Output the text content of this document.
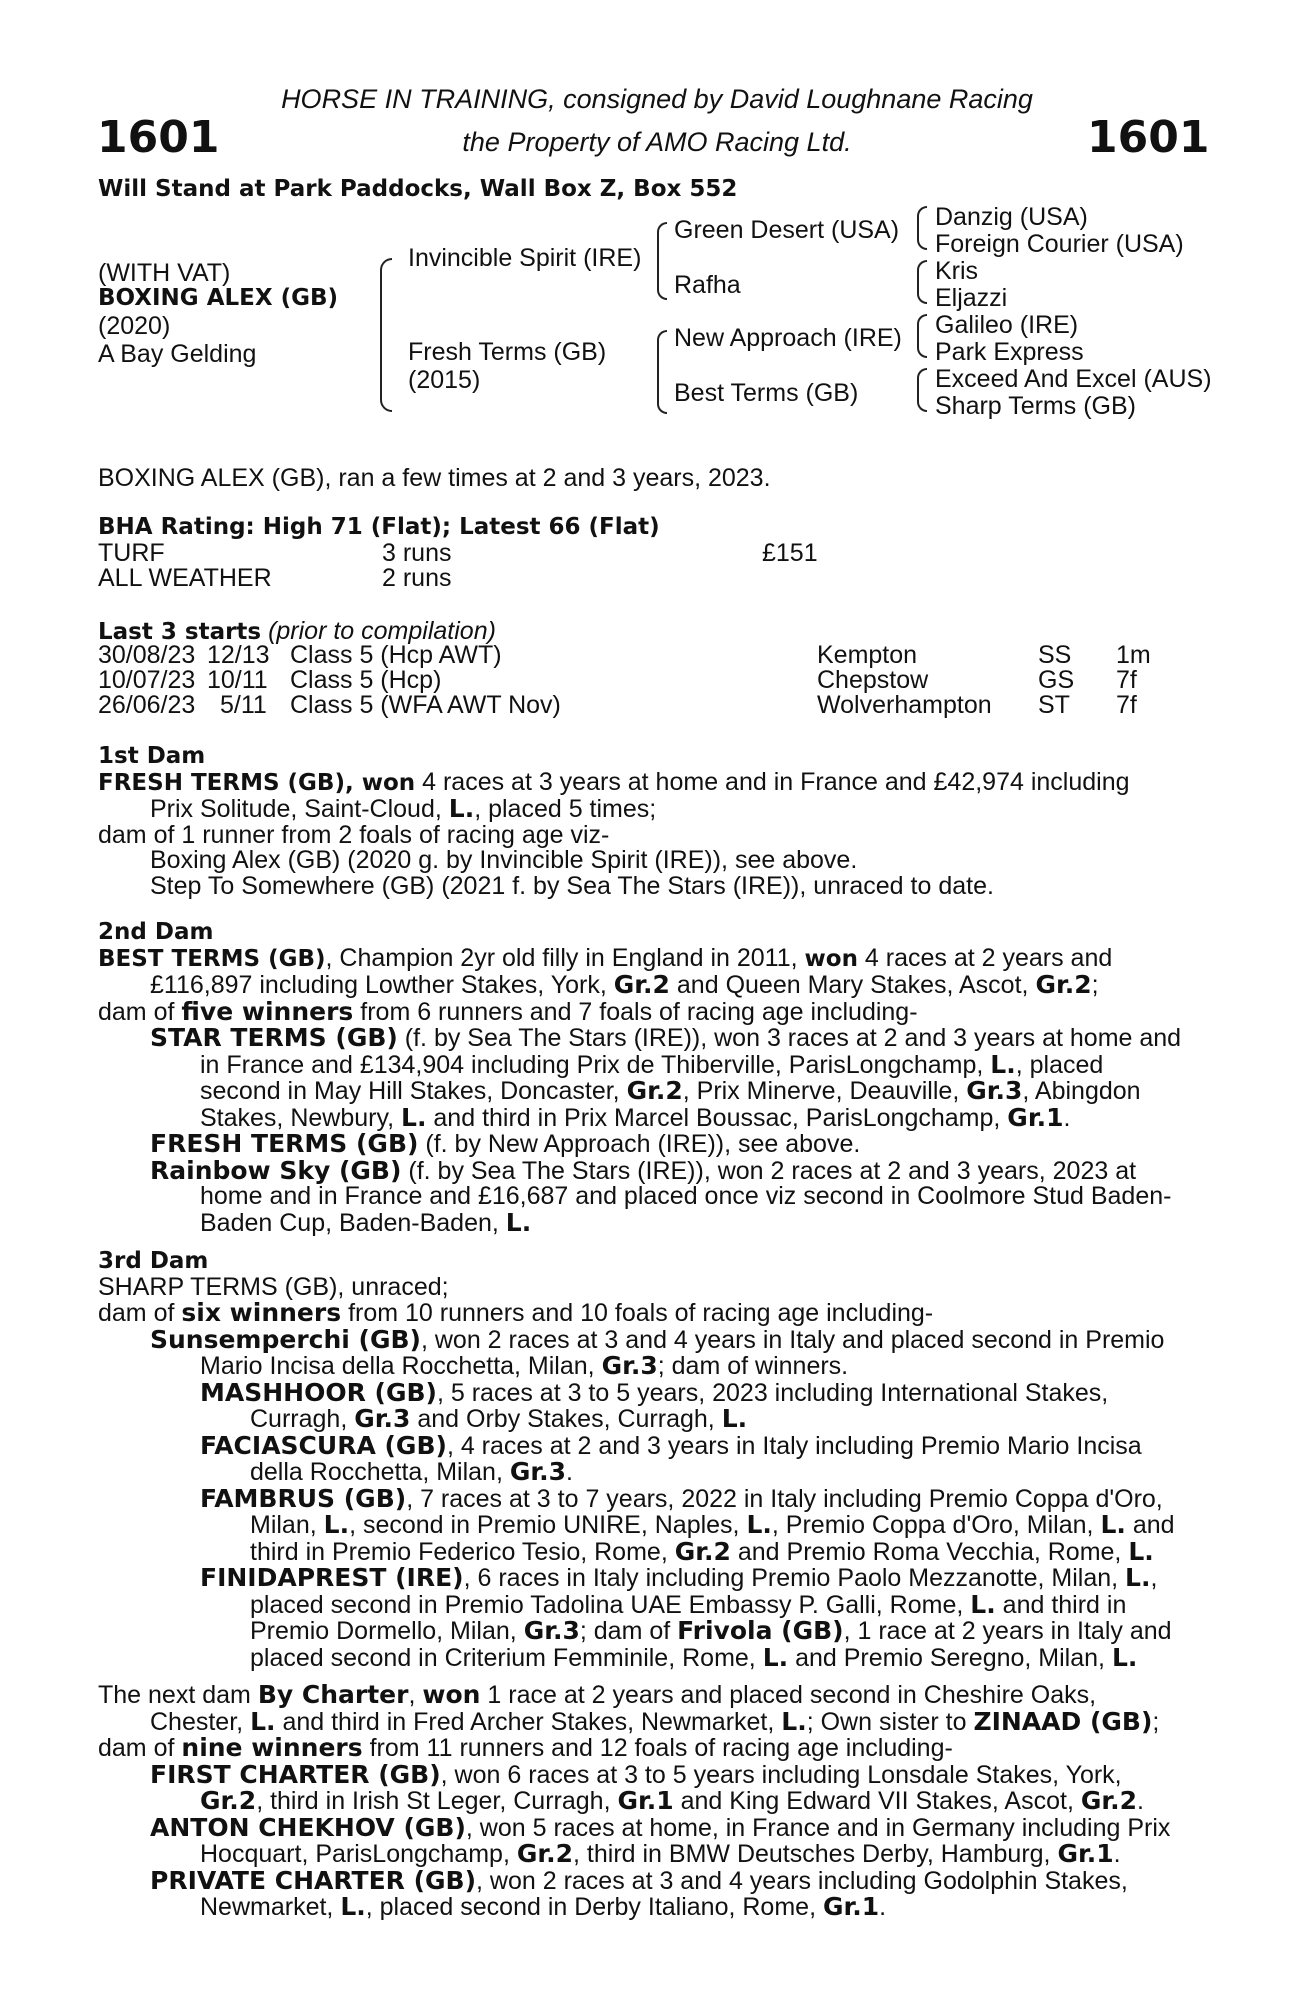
HORSE IN TRAINING, consigned by David Loughnane Racing
the Property of AMO Racing Ltd.
1601	1601
Will Stand at Park Paddocks, Wall Box Z, Box 552
(WITH VAT)
BOXING ALEX (GB)
(2020)
A Bay Gelding
Invincible Spirit (IRE)
Fresh Terms (GB)
(2015)
Green Desert (USA)
Rafha
New Approach (IRE)
Best Terms (GB)
Danzig (USA)
Foreign Courier (USA)
Kris
Eljazzi
Galileo (IRE)
Park Express
Exceed And Excel (AUS)
Sharp Terms (GB)
BOXING ALEX (GB), ran a few times at 2 and 3 years, 2023.
BHA Rating: High 71 (Flat); Latest 66 (Flat)
TURF	3 runs	£151
ALL WEATHER	2 runs
Last 3 starts (prior to compilation)
30/08/23 12/13 Class 5 (Hcp AWT)	Kempton	SS 1m
10/07/23 10/11 Class 5 (Hcp)	Chepstow	GS 7f
26/06/23 5/11 Class 5 (WFA AWT Nov)	Wolverhampton ST 7f

1st Dam

FRESH TERMS (GB), won 4 races at 3 years at home and in France and £42,974 including

Prix Solitude, Saint-Cloud, L., placed 5 times;

dam of 1 runner from 2 foals of racing age viz-

Boxing Alex (GB) (2020 g. by Invincible Spirit (IRE)), see above.

Step To Somewhere (GB) (2021 f. by Sea The Stars (IRE)), unraced to date.

2nd Dam

BEST TERMS (GB), Champion 2yr old filly in England in 2011, won 4 races at 2 years and

£116,897 including Lowther Stakes, York, Gr.2 and Queen Mary Stakes, Ascot, Gr.2;

dam of five winners from 6 runners and 7 foals of racing age including-

STAR TERMS (GB) (f. by Sea The Stars (IRE)), won 3 races at 2 and 3 years at home and

in France and £134,904 including Prix de Thiberville, ParisLongchamp, L., placed

second in May Hill Stakes, Doncaster, Gr.2, Prix Minerve, Deauville, Gr.3, Abingdon

Stakes, Newbury, L. and third in Prix Marcel Boussac, ParisLongchamp, Gr.1.

FRESH TERMS (GB) (f. by New Approach (IRE)), see above.

Rainbow Sky (GB) (f. by Sea The Stars (IRE)), won 2 races at 2 and 3 years, 2023 at

home and in France and £16,687 and placed once viz second in Coolmore Stud Baden-

Baden Cup, Baden-Baden, L.

3rd Dam

SHARP TERMS (GB), unraced;

dam of six winners from 10 runners and 10 foals of racing age including-

Sunsemperchi (GB), won 2 races at 3 and 4 years in Italy and placed second in Premio

Mario Incisa della Rocchetta, Milan, Gr.3; dam of winners.

MASHHOOR (GB), 5 races at 3 to 5 years, 2023 including International Stakes,

Curragh, Gr.3 and Orby Stakes, Curragh, L.

FACIASCURA (GB), 4 races at 2 and 3 years in Italy including Premio Mario Incisa

della Rocchetta, Milan, Gr.3.

FAMBRUS (GB), 7 races at 3 to 7 years, 2022 in Italy including Premio Coppa d'Oro,

Milan, L., second in Premio UNIRE, Naples, L., Premio Coppa d'Oro, Milan, L. and

third in Premio Federico Tesio, Rome, Gr.2 and Premio Roma Vecchia, Rome, L.

FINIDAPREST (IRE), 6 races in Italy including Premio Paolo Mezzanotte, Milan, L.,

placed second in Premio Tadolina UAE Embassy P. Galli, Rome, L. and third in

Premio Dormello, Milan, Gr.3; dam of Frivola (GB), 1 race at 2 years in Italy and

placed second in Criterium Femminile, Rome, L. and Premio Seregno, Milan, L.

The next dam By Charter, won 1 race at 2 years and placed second in Cheshire Oaks,

Chester, L. and third in Fred Archer Stakes, Newmarket, L.; Own sister to ZINAAD (GB);

dam of nine winners from 11 runners and 12 foals of racing age including-

FIRST CHARTER (GB), won 6 races at 3 to 5 years including Lonsdale Stakes, York,

Gr.2, third in Irish St Leger, Curragh, Gr.1 and King Edward VII Stakes, Ascot, Gr.2.

ANTON CHEKHOV (GB), won 5 races at home, in France and in Germany including Prix

Hocquart, ParisLongchamp, Gr.2, third in BMW Deutsches Derby, Hamburg, Gr.1.

PRIVATE CHARTER (GB), won 2 races at 3 and 4 years including Godolphin Stakes,

Newmarket, L., placed second in Derby Italiano, Rome, Gr.1.
